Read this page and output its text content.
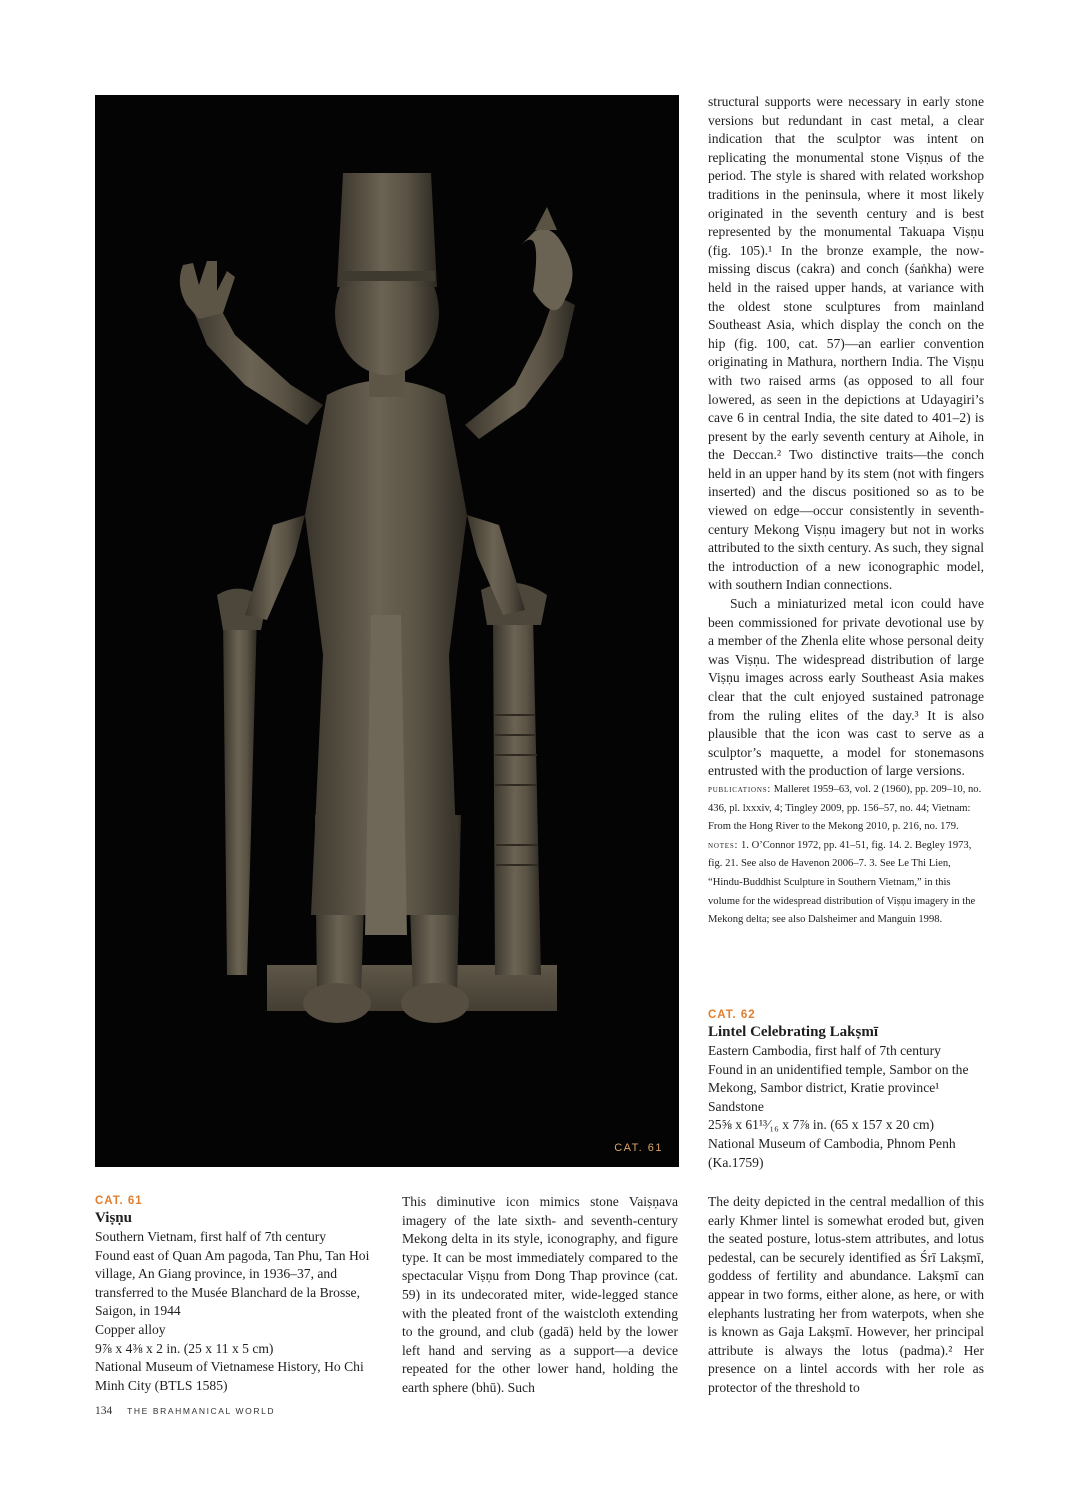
CAT. 61

structural supports were necessary in early stone versions but redundant in cast metal, a clear indication that the sculptor was intent on replicating the monumental stone Viṣṇus of the period. The style is shared with related workshop traditions in the peninsula, where it most likely originated in the seventh century and is best represented by the monumental Takuapa Viṣṇu (fig. 105).¹ In the bronze example, the now-missing discus (cakra) and conch (śaṅkha) were held in the raised upper hands, at variance with the oldest stone sculptures from mainland Southeast Asia, which display the conch on the hip (fig. 100, cat. 57)—an earlier convention originating in Mathura, northern India. The Viṣṇu with two raised arms (as opposed to all four lowered, as seen in the depictions at Udayagiri’s cave 6 in central India, the site dated to 401–2) is present by the early seventh century at Aihole, in the Deccan.² Two distinctive traits—the conch held in an upper hand by its stem (not with fingers inserted) and the discus positioned so as to be viewed on edge—occur consistently in seventh-century Mekong Viṣṇu imagery but not in works attributed to the sixth century. As such, they signal the introduction of a new iconographic model, with southern Indian connections.

Such a miniaturized metal icon could have been commissioned for private devotional use by a member of the Zhenla elite whose personal deity was Viṣṇu. The widespread distribution of large Viṣṇu images across early Southeast Asia makes clear that the cult enjoyed sustained patronage from the ruling elites of the day.³ It is also plausible that the icon was cast to serve as a sculptor’s maquette, a model for stonemasons entrusted with the production of large versions.

publications: Malleret 1959–63, vol. 2 (1960), pp. 209–10, no. 436, pl. lxxxiv, 4; Tingley 2009, pp. 156–57, no. 44; Vietnam: From the Hong River to the Mekong 2010, p. 216, no. 179.

notes: 1. O’Connor 1972, pp. 41–51, fig. 14. 2. Begley 1973, fig. 21. See also de Havenon 2006–7. 3. See Le Thi Lien, “Hindu-Buddhist Sculpture in Southern Vietnam,” in this volume for the widespread distribution of Viṣṇu imagery in the Mekong delta; see also Dalsheimer and Manguin 1998.

CAT. 62
Lintel Celebrating Lakṣmī
Eastern Cambodia, first half of 7th century
Found in an unidentified temple, Sambor on the Mekong, Sambor district, Kratie province¹
Sandstone
25⅝ x 61¹³⁄₁₆ x 7⅞ in. (65 x 157 x 20 cm)
National Museum of Cambodia, Phnom Penh (Ka.1759)

The deity depicted in the central medallion of this early Khmer lintel is somewhat eroded but, given the seated posture, lotus-stem attributes, and lotus pedestal, can be securely identified as Śrī Lakṣmī, goddess of fertility and abundance. Lakṣmī can appear in two forms, either alone, as here, or with elephants lustrating her from waterpots, when she is known as Gaja Lakṣmī. However, her principal attribute is always the lotus (padma).² Her presence on a lintel accords with her role as protector of the threshold to

CAT. 61
Viṣṇu
Southern Vietnam, first half of 7th century
Found east of Quan Am pagoda, Tan Phu, Tan Hoi village, An Giang province, in 1936–37, and transferred to the Musée Blanchard de la Brosse, Saigon, in 1944
Copper alloy
9⅞ x 4⅜ x 2 in. (25 x 11 x 5 cm)
National Museum of Vietnamese History, Ho Chi Minh City (BTLS 1585)

This diminutive icon mimics stone Vaiṣṇava imagery of the late sixth- and seventh-century Mekong delta in its style, iconography, and figure type. It can be most immediately compared to the spectacular Viṣṇu from Dong Thap province (cat. 59) in its undecorated miter, wide-legged stance with the pleated front of the waistcloth extending to the ground, and club (gadā) held by the lower left hand and serving as a support—a device repeated for the other lower hand, holding the earth sphere (bhū). Such

134 THE BRAHMANICAL WORLD
